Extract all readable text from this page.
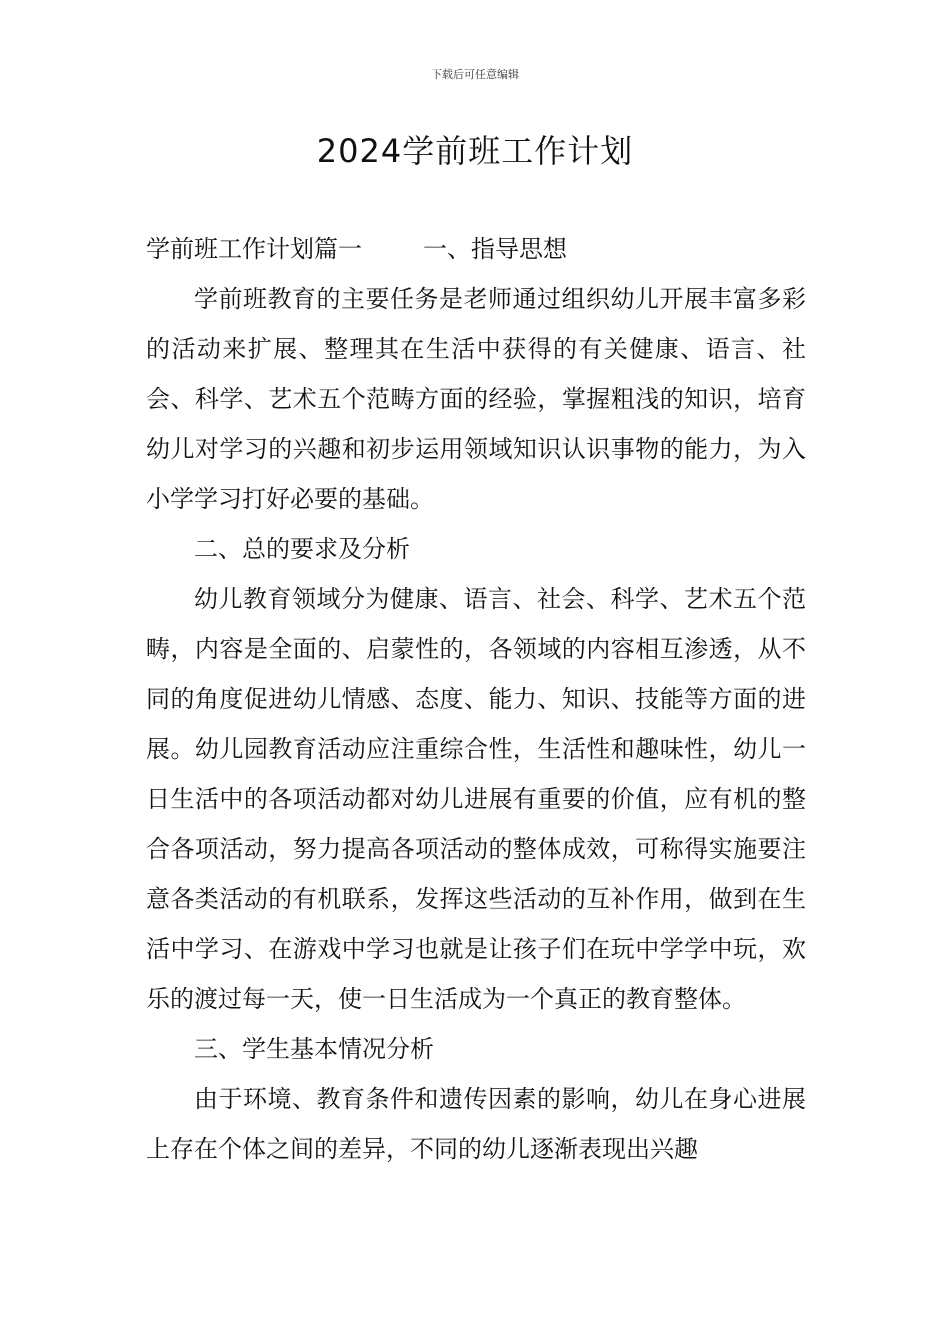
下载后可任意编辑
2024学前班工作计划

学前班工作计划篇一	一、指导思想

学前班教育的主要任务是老师通过组织幼儿开展丰富多彩的活动来扩展、整理其在生活中获得的有关健康、语言、社会、科学、艺术五个范畴方面的经验，掌握粗浅的知识，培育幼儿对学习的兴趣和初步运用领域知识认识事物的能力，为入小学学习打好必要的基础。

二、总的要求及分析

幼儿教育领域分为健康、语言、社会、科学、艺术五个范畴，内容是全面的、启蒙性的，各领域的内容相互渗透，从不同的角度促进幼儿情感、态度、能力、知识、技能等方面的进展。幼儿园教育活动应注重综合性，生活性和趣味性，幼儿一日生活中的各项活动都对幼儿进展有重要的价值，应有机的整合各项活动，努力提高各项活动的整体成效，可称得实施要注意各类活动的有机联系，发挥这些活动的互补作用，做到在生活中学习、在游戏中学习也就是让孩子们在玩中学学中玩，欢乐的渡过每一天，使一日生活成为一个真正的教育整体。

三、学生基本情况分析

由于环境、教育条件和遗传因素的影响，幼儿在身心进展上存在个体之间的差异，不同的幼儿逐渐表现出兴趣
